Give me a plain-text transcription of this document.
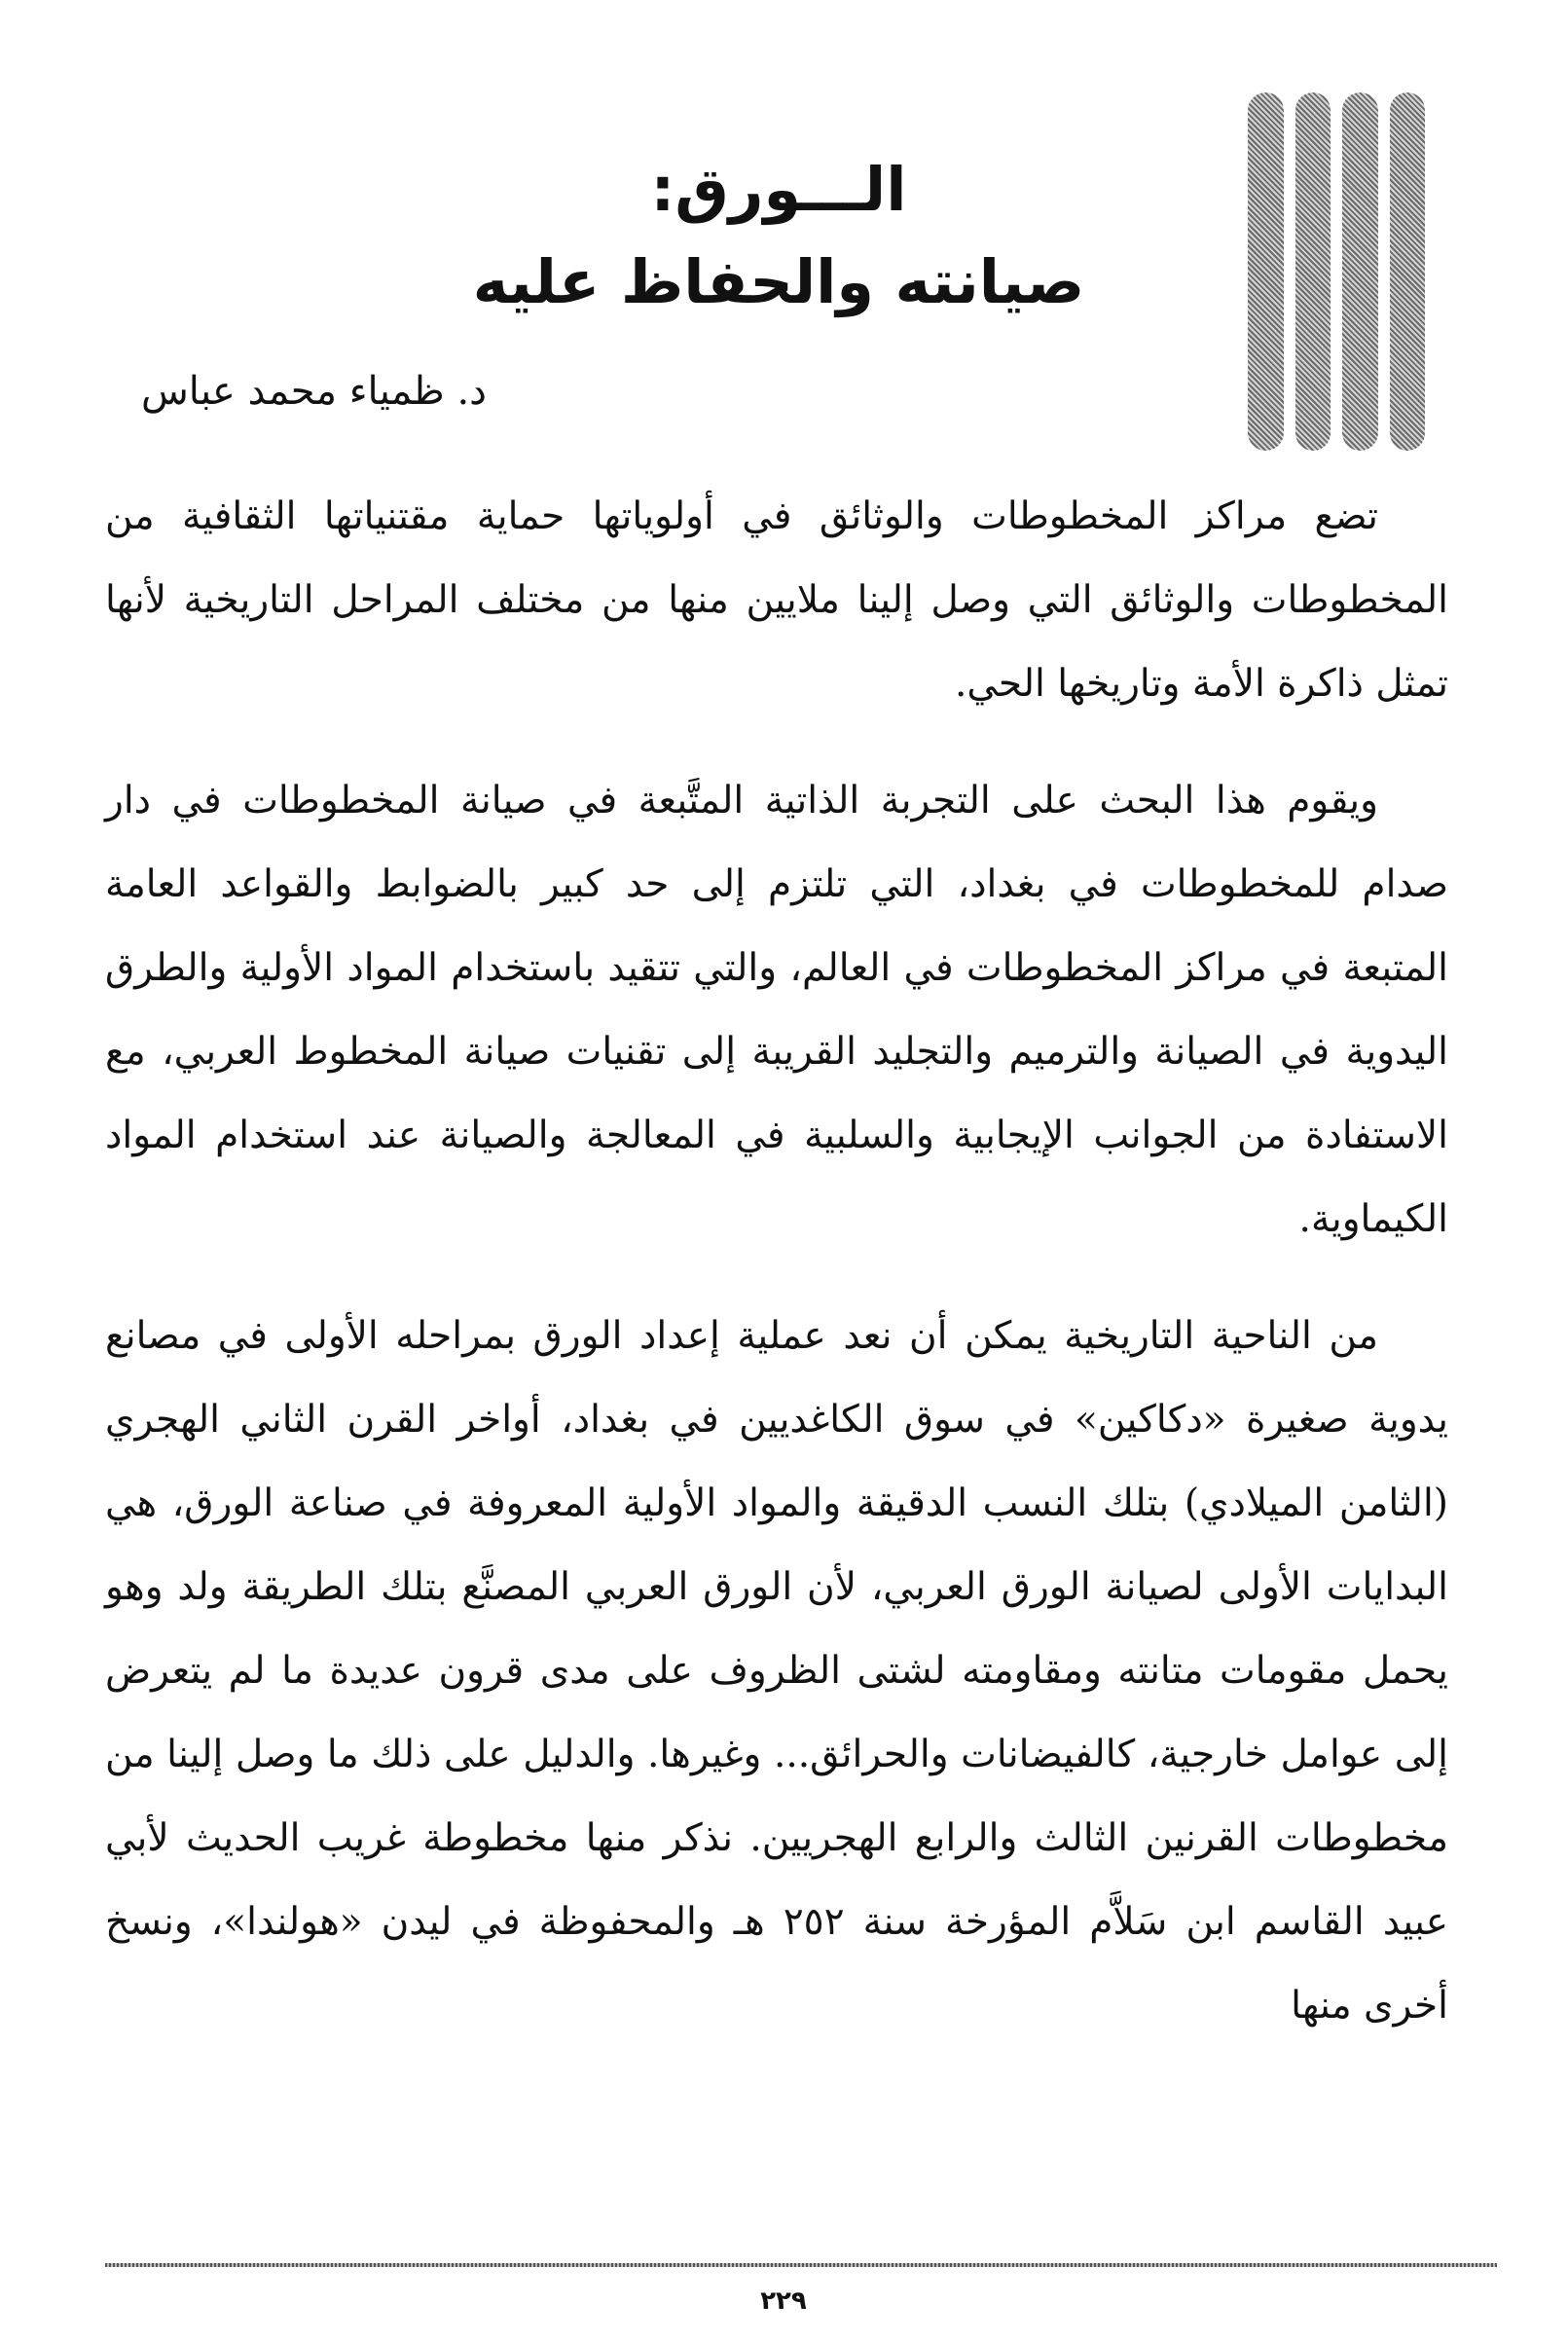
الـــورق:
صيانته والحفاظ عليه
د. ظمياء محمد عباس

تضع مراكز المخطوطات والوثائق في أولوياتها حماية مقتنياتها الثقافية من المخطوطات والوثائق التي وصل إلينا ملايين منها من مختلف المراحل التاريخية لأنها تمثل ذاكرة الأمة وتاريخها الحي.

ويقوم هذا البحث على التجربة الذاتية المتَّبعة في صيانة المخطوطات في دار صدام للمخطوطات في بغداد، التي تلتزم إلى حد كبير بالضوابط والقواعد العامة المتبعة في مراكز المخطوطات في العالم، والتي تتقيد باستخدام المواد الأولية والطرق اليدوية في الصيانة والترميم والتجليد القريبة إلى تقنيات صيانة المخطوط العربي، مع الاستفادة من الجوانب الإيجابية والسلبية في المعالجة والصيانة عند استخدام المواد الكيماوية.

من الناحية التاريخية يمكن أن نعد عملية إعداد الورق بمراحله الأولى في مصانع يدوية صغيرة «دكاكين» في سوق الكاغديين في بغداد، أواخر القرن الثاني الهجري (الثامن الميلادي) بتلك النسب الدقيقة والمواد الأولية المعروفة في صناعة الورق، هي البدايات الأولى لصيانة الورق العربي، لأن الورق العربي المصنَّع بتلك الطريقة ولد وهو يحمل مقومات متانته ومقاومته لشتى الظروف على مدى قرون عديدة ما لم يتعرض إلى عوامل خارجية، كالفيضانات والحرائق... وغيرها. والدليل على ذلك ما وصل إلينا من مخطوطات القرنين الثالث والرابع الهجريين. نذكر منها مخطوطة غريب الحديث لأبي عبيد القاسم ابن سَلاَّم المؤرخة سنة ٢٥٢ هـ والمحفوظة في ليدن «هولندا»، ونسخ أخرى منها

٢٢٩
